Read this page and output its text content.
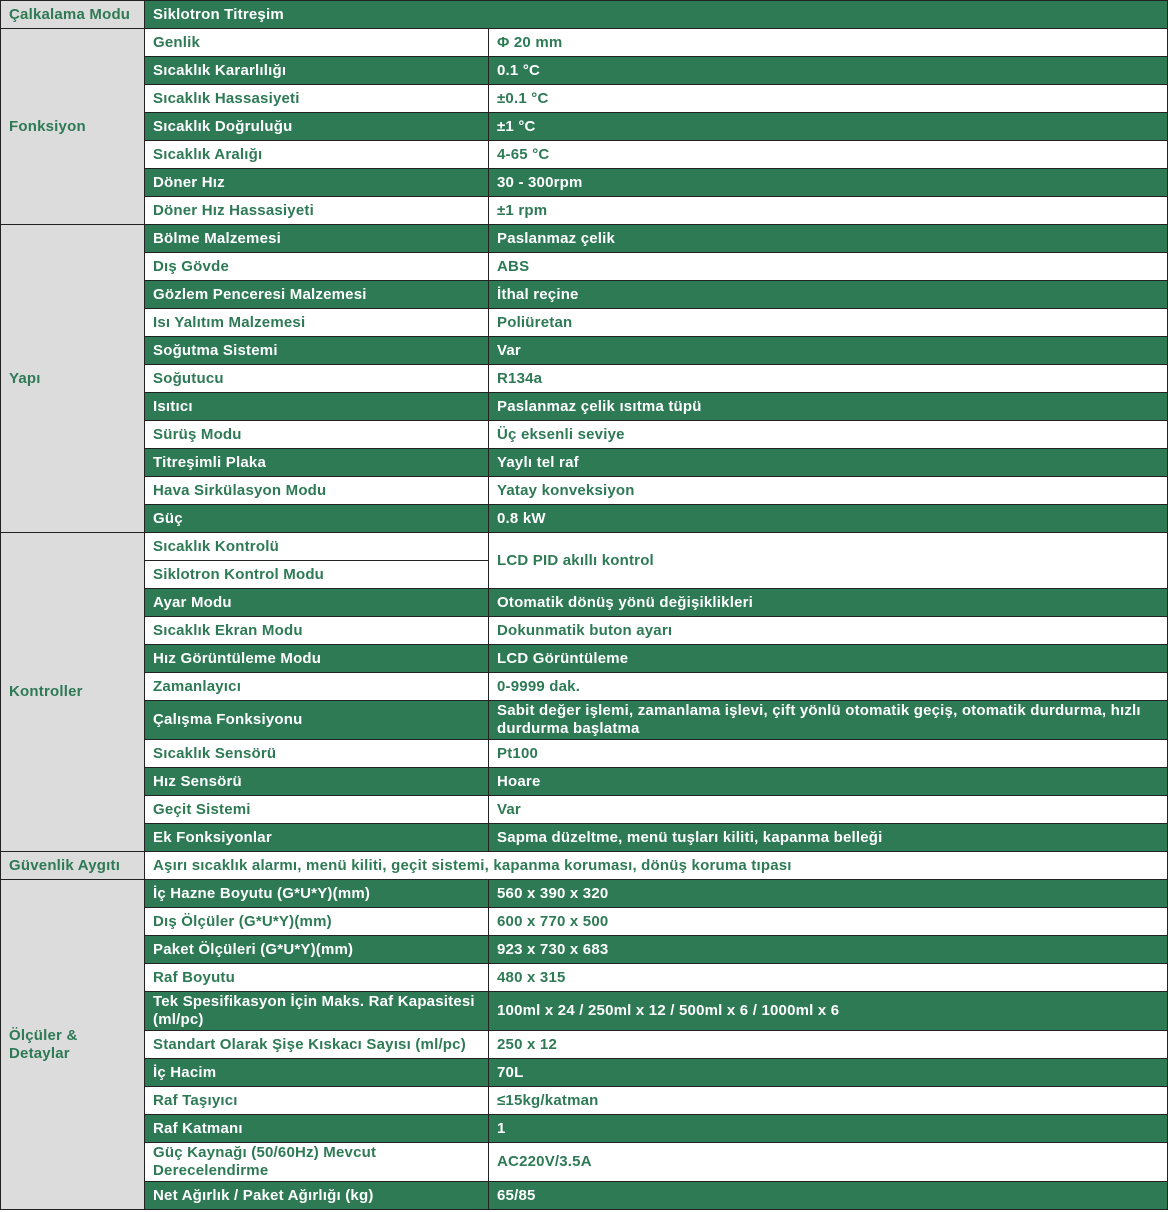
Çalkalama Modu	Siklotron Titreşim	
Fonksiyon	Genlik	Φ 20 mm
	Sıcaklık Kararlılığı	0.1 °C
	Sıcaklık Hassasiyeti	±0.1 °C
	Sıcaklık Doğruluğu	±1 °C
	Sıcaklık Aralığı	4-65 °C
	Döner Hız	30 - 300rpm
	Döner Hız Hassasiyeti	±1 rpm
Yapı	Bölme Malzemesi	Paslanmaz çelik
	Dış Gövde	ABS
	Gözlem Penceresi Malzemesi	İthal reçine
	Isı Yalıtım Malzemesi	Poliüretan
	Soğutma Sistemi	Var
	Soğutucu	R134a
	Isıtıcı	Paslanmaz çelik ısıtma tüpü
	Sürüş Modu	Üç eksenli seviye
	Titreşimli Plaka	Yaylı tel raf
	Hava Sirkülasyon Modu	Yatay konveksiyon
	Güç	0.8 kW
Kontroller	Sıcaklık Kontrolü	LCD PID akıllı kontrol
	Siklotron Kontrol Modu	
	Ayar Modu	Otomatik dönüş yönü değişiklikleri
	Sıcaklık Ekran Modu	Dokunmatik buton ayarı
	Hız Görüntüleme Modu	LCD Görüntüleme
	Zamanlayıcı	0-9999 dak.
	Çalışma Fonksiyonu	Sabit değer işlemi, zamanlama işlevi, çift yönlü otomatik geçiş, otomatik durdurma, hızlı durdurma başlatma
	Sıcaklık Sensörü	Pt100
	Hız Sensörü	Hoare
	Geçit Sistemi	Var
	Ek Fonksiyonlar	Sapma düzeltme, menü tuşları kiliti, kapanma belleği
Güvenlik Aygıtı	Aşırı sıcaklık alarmı, menü kiliti, geçit sistemi, kapanma koruması, dönüş koruma tıpası	
Ölçüler & Detaylar	İç Hazne Boyutu (G*U*Y)(mm)	560 x 390 x 320
	Dış Ölçüler (G*U*Y)(mm)	600 x 770 x 500
	Paket Ölçüleri (G*U*Y)(mm)	923 x 730 x 683
	Raf Boyutu	480 x 315
	Tek Spesifikasyon İçin Maks. Raf Kapasitesi (ml/pc)	100ml x 24 / 250ml x 12 / 500ml x 6 / 1000ml x 6
	Standart Olarak Şişe Kıskacı Sayısı (ml/pc)	250 x 12
	İç Hacim	70L
	Raf Taşıyıcı	≤15kg/katman
	Raf Katmanı	1
	Güç Kaynağı (50/60Hz) Mevcut Derecelendirme	AC220V/3.5A
	Net Ağırlık / Paket Ağırlığı (kg)	65/85
